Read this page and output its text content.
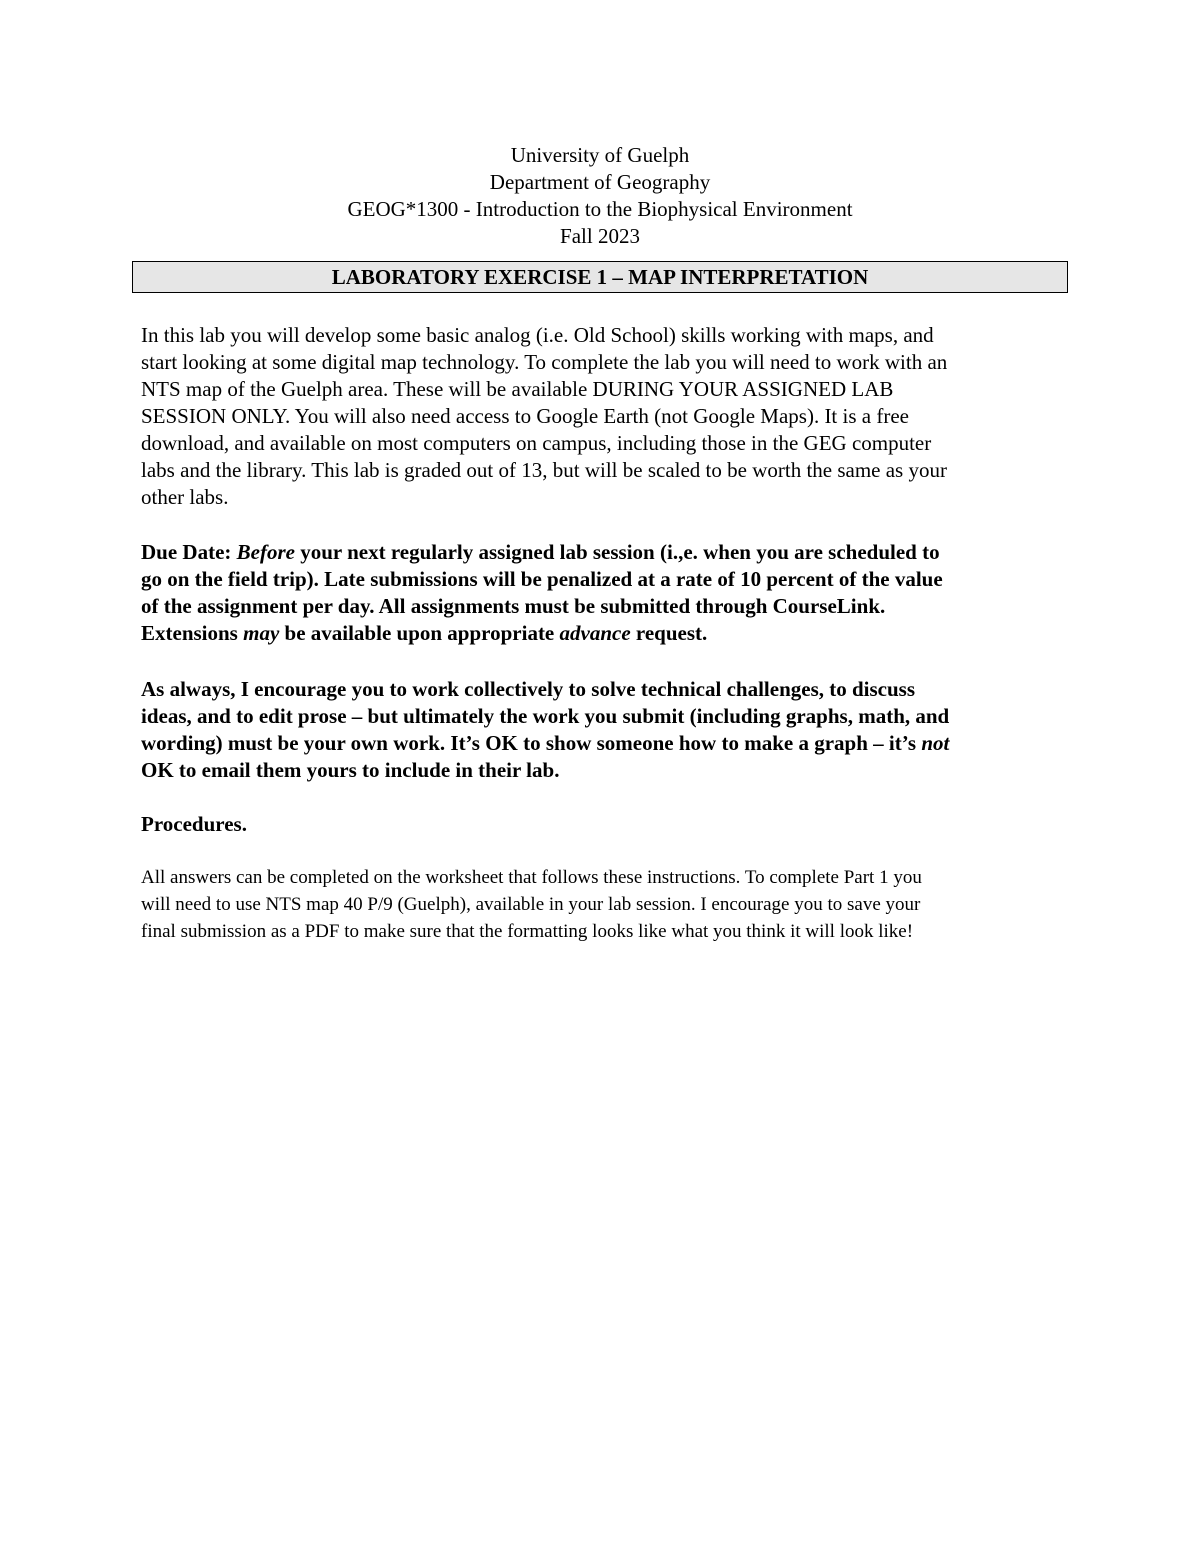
University of Guelph
Department of Geography
GEOG*1300 - Introduction to the Biophysical Environment
Fall 2023
LABORATORY EXERCISE 1 – MAP INTERPRETATION
In this lab you will develop some basic analog (i.e. Old School) skills working with maps, and
start looking at some digital map technology. To complete the lab you will need to work with an
NTS map of the Guelph area. These will be available DURING YOUR ASSIGNED LAB
SESSION ONLY. You will also need access to Google Earth (not Google Maps). It is a free
download, and available on most computers on campus, including those in the GEG computer
labs and the library. This lab is graded out of 13, but will be scaled to be worth the same as your
other labs.
Due Date: Before your next regularly assigned lab session (i.,e. when you are scheduled to
go on the field trip). Late submissions will be penalized at a rate of 10 percent of the value
of the assignment per day. All assignments must be submitted through CourseLink.
Extensions may be available upon appropriate advance request.
As always, I encourage you to work collectively to solve technical challenges, to discuss
ideas, and to edit prose – but ultimately the work you submit (including graphs, math, and
wording) must be your own work. It’s OK to show someone how to make a graph – it’s not
OK to email them yours to include in their lab.
Procedures.
All answers can be completed on the worksheet that follows these instructions. To complete Part 1 you
will need to use NTS map 40 P/9 (Guelph), available in your lab session. I encourage you to save your
final submission as a PDF to make sure that the formatting looks like what you think it will look like!
